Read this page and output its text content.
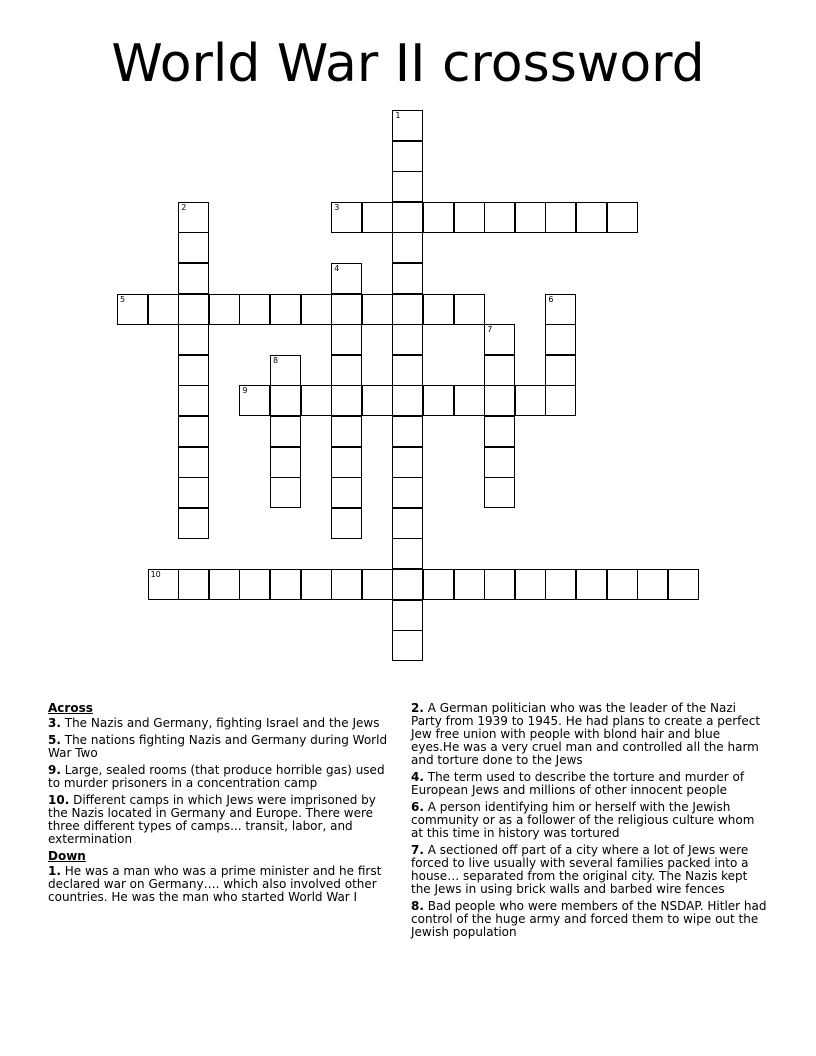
World War II crossword
1
2	3
4
5	6
7
8
9
10
Across
3. The Nazis and Germany, fighting Israel and the Jews
5. The nations fighting Nazis and Germany during World War Two
9. Large, sealed rooms (that produce horrible gas) used to murder prisoners in a concentration camp
10. Different camps in which Jews were imprisoned by the Nazis located in Germany and Europe. There were three different types of camps... transit, labor, and extermination
Down
1. He was a man who was a prime minister and he first declared war on Germany…. which also involved other countries. He was the man who started World War I
2. A German politician who was the leader of the Nazi Party from 1939 to 1945. He had plans to create a perfect Jew free union with people with blond hair and blue eyes.He was a very cruel man and controlled all the harm and torture done to the Jews
4. The term used to describe the torture and murder of European Jews and millions of other innocent people
6. A person identifying him or herself with the Jewish community or as a follower of the religious culture whom at this time in history was tortured
7. A sectioned off part of a city where a lot of Jews were forced to live usually with several families packed into a house… separated from the original city. The Nazis kept the Jews in using brick walls and barbed wire fences
8. Bad people who were members of the NSDAP. Hitler had control of the huge army and forced them to wipe out the Jewish population
